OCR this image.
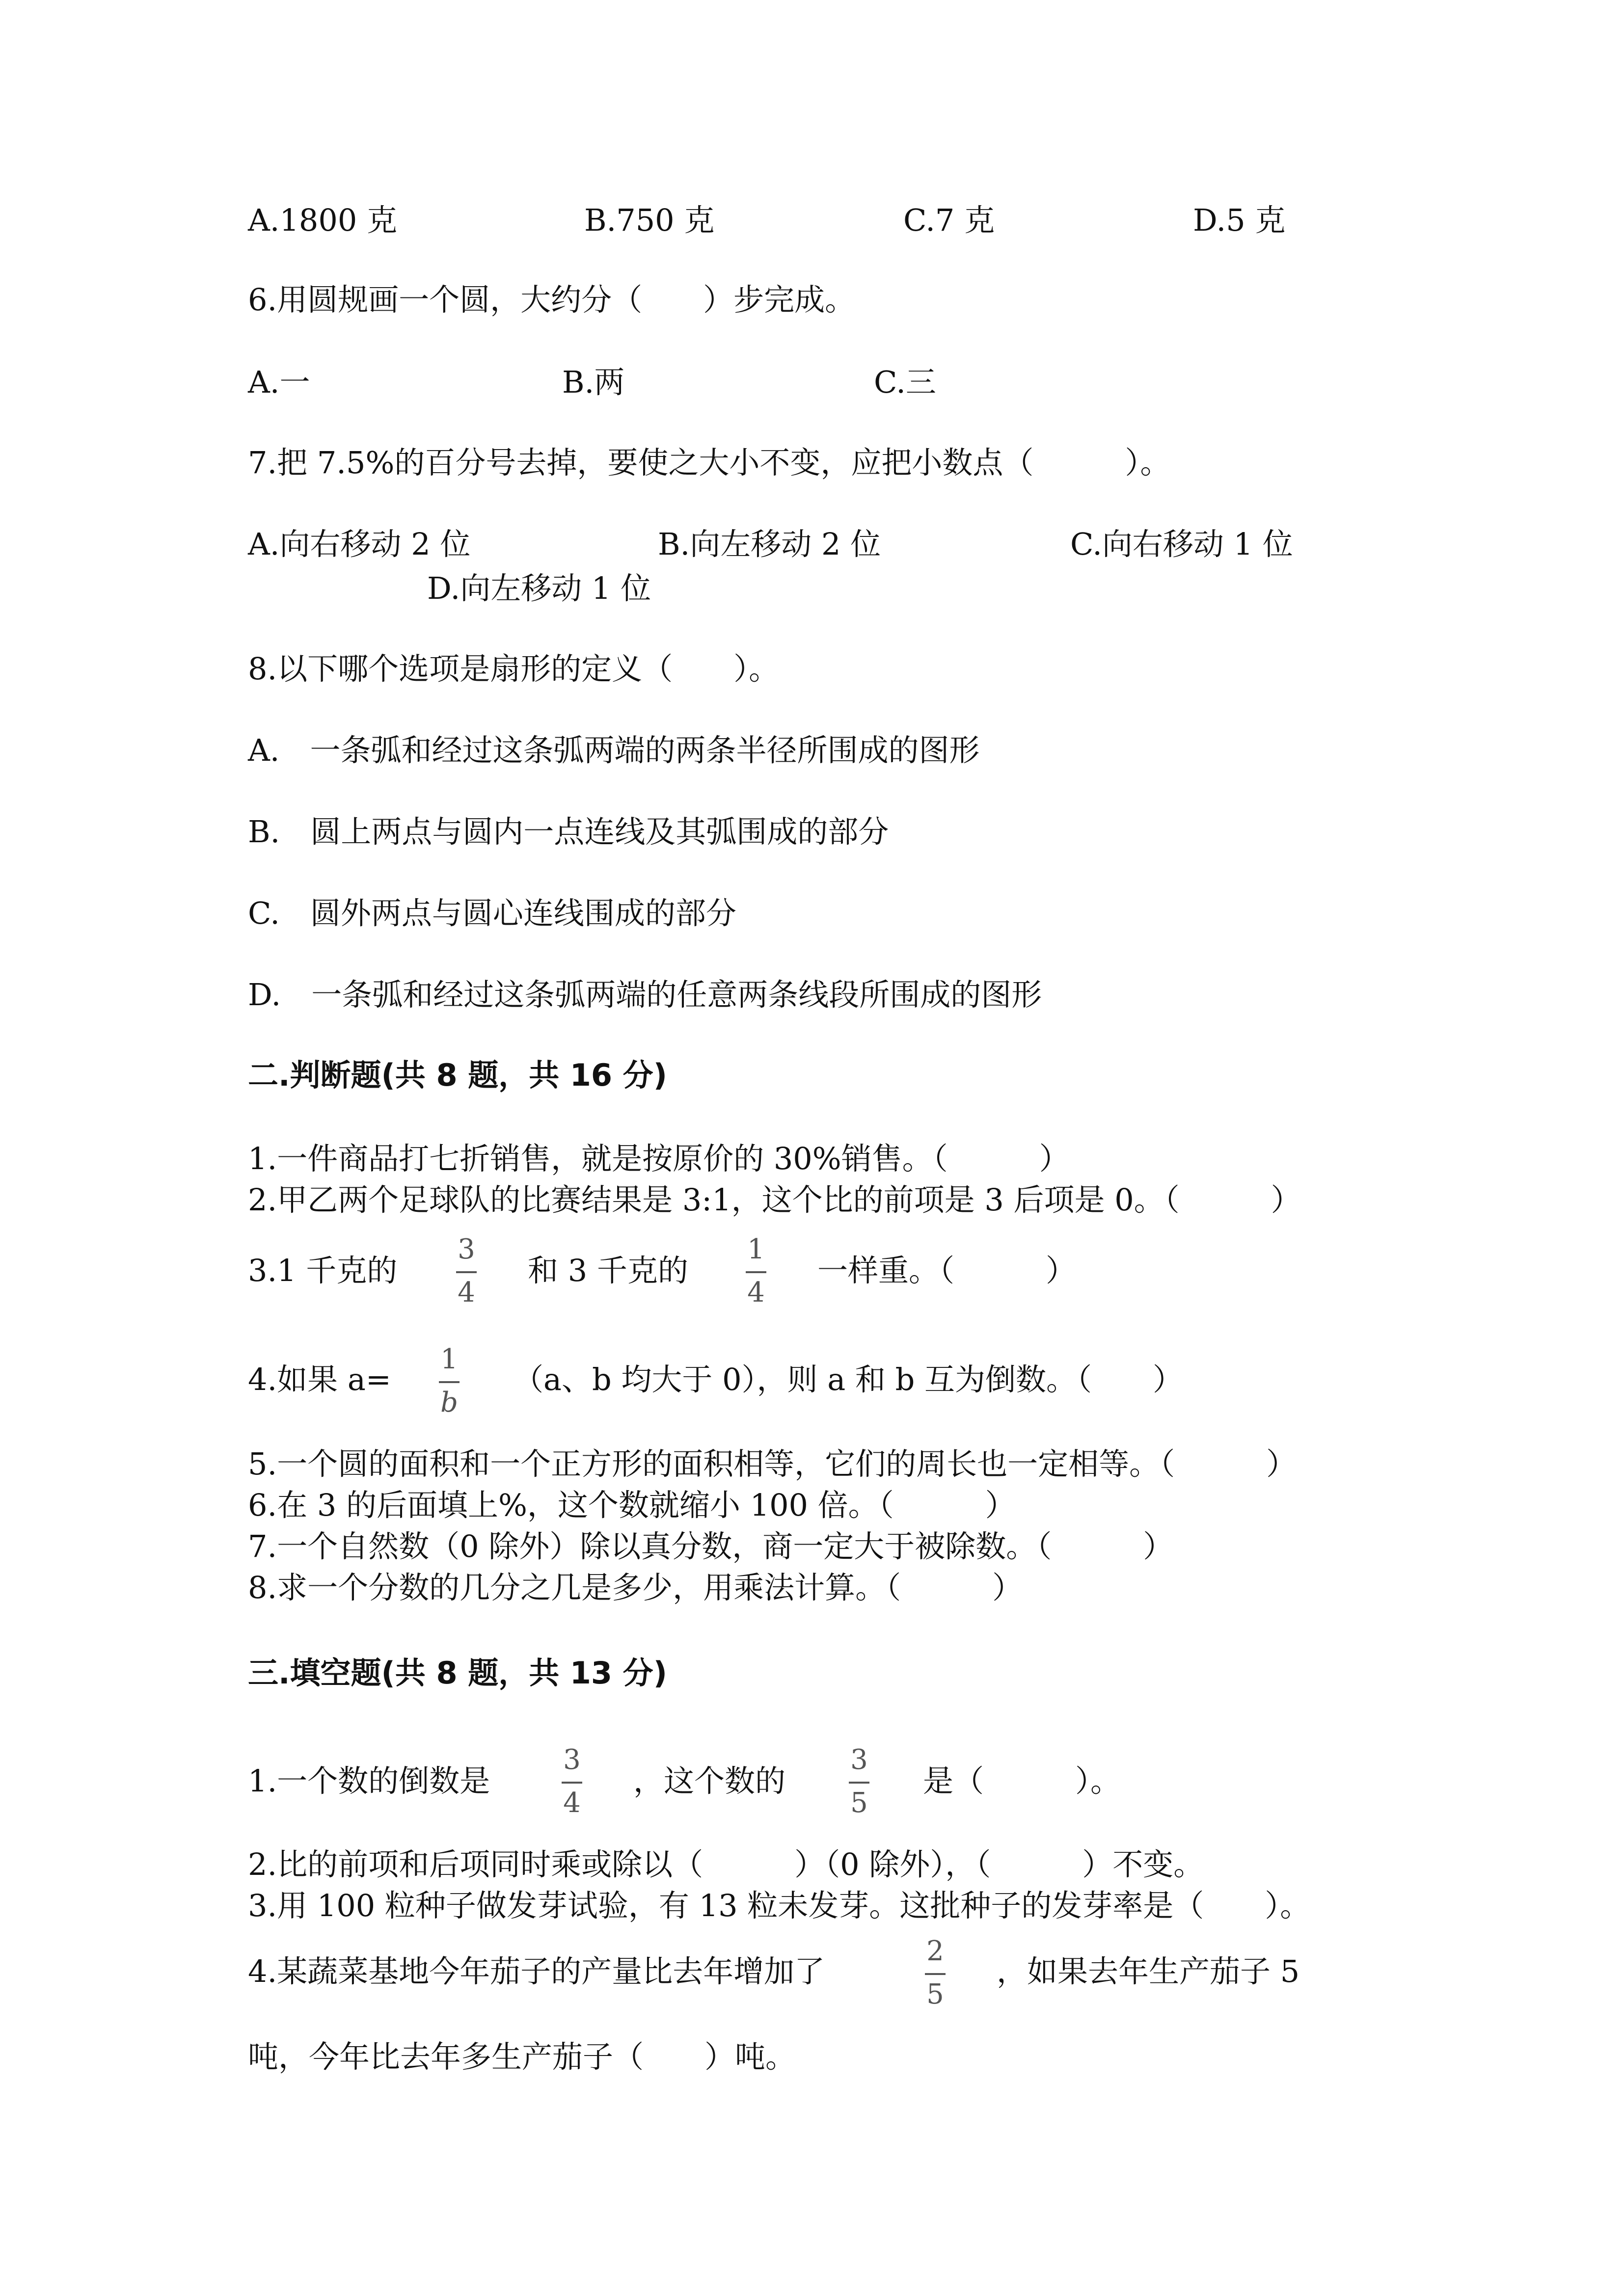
A.1800 克	B.750 克	C.7 克	D.5 克
6.用圆规画一个圆，大约分（　　）步完成。
A.一	B.两	C.三
7.把 7.5%的百分号去掉，要使之大小不变，应把小数点（　　　）。
A.向右移动 2 位	B.向左移动 2 位	C.向右移动 1 位
D.向左移动 1 位
8.以下哪个选项是扇形的定义（　　）。
A.　一条弧和经过这条弧两端的两条半径所围成的图形
B.　圆上两点与圆内一点连线及其弧围成的部分
C.　圆外两点与圆心连线围成的部分
D.　一条弧和经过这条弧两端的任意两条线段所围成的图形
二.判断题(共 8 题，共 16 分)
1.一件商品打七折销售，就是按原价的 30%销售。（　　　）
2.甲乙两个足球队的比赛结果是 3:1，这个比的前项是 3 后项是 0。（　　　）
3.1 千克的
3
4
和 3 千克的
1
4
一样重。（　　　）
4.如果 a=
1
b
（a、b 均大于 0），则 a 和 b 互为倒数。（　　）
5.一个圆的面积和一个正方形的面积相等，它们的周长也一定相等。（　　　）
6.在 3 的后面填上%，这个数就缩小 100 倍。（　　　）
7.一个自然数（0 除外）除以真分数，商一定大于被除数。（　　　）
8.求一个分数的几分之几是多少，用乘法计算。（　　　）
三.填空题(共 8 题，共 13 分)
1.一个数的倒数是
3
4
，这个数的
3
5
是（　　　）。
2.比的前项和后项同时乘或除以（　　　）（0 除外），（　　　）不变。
3.用 100 粒种子做发芽试验，有 13 粒未发芽。这批种子的发芽率是（　　）。
4.某蔬菜基地今年茄子的产量比去年增加了
2
5
，如果去年生产茄子 5
吨，今年比去年多生产茄子（　　）吨。
